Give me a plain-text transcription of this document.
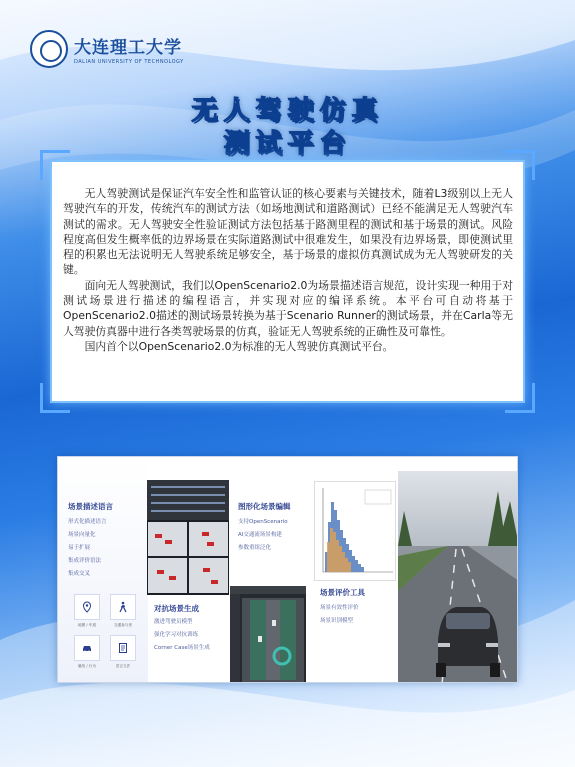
大连理工大学
DALIAN UNIVERSITY OF TECHNOLOGY
无人驾驶仿真
测试平台

无人驾驶测试是保证汽车安全性和监管认证的核心要素与关键技术，随着L3级别以上无人驾驶汽车的开发，传统汽车的测试方法（如场地测试和道路测试）已经不能满足无人驾驶汽车测试的需求。无人驾驶安全性验证测试方法包括基于路测里程的测试和基于场景的测试。风险程度高但发生概率低的边界场景在实际道路测试中很难发生，如果没有边界场景，即使测试里程的积累也无法说明无人驾驶系统足够安全，基于场景的虚拟仿真测试成为无人驾驶研发的关键。

面向无人驾驶测试，我们以OpenScenario2.0为场景描述语言规范，设计实现一种用于对测试场景进行描述的编程语言，并实现对应的编译系统。本平台可自动将基于OpenScenario2.0描述的测试场景转换为基于Scenario Runner的测试场景，并在Carla等无人驾驶仿真器中进行各类驾驶场景的仿真，验证无人驾驶系统的正确性及可靠性。

国内首个以OpenScenario2.0为标准的无人驾驶仿真测试平台。

场景描述语言
形式化描述语言
场景向量化
易于扩展
集成评价语法
集成交叉
地图 / 车道	交通参与者
触发 / 行为	语言文法
对抗场景生成
激进驾驶员模型
强化学习对抗训练
Corner Case场景生成
图形化场景编辑
支持OpenScenario
AI交通流场景构建
参数重组泛化
场景评价工具
场景有效性评价
场景识别模型
